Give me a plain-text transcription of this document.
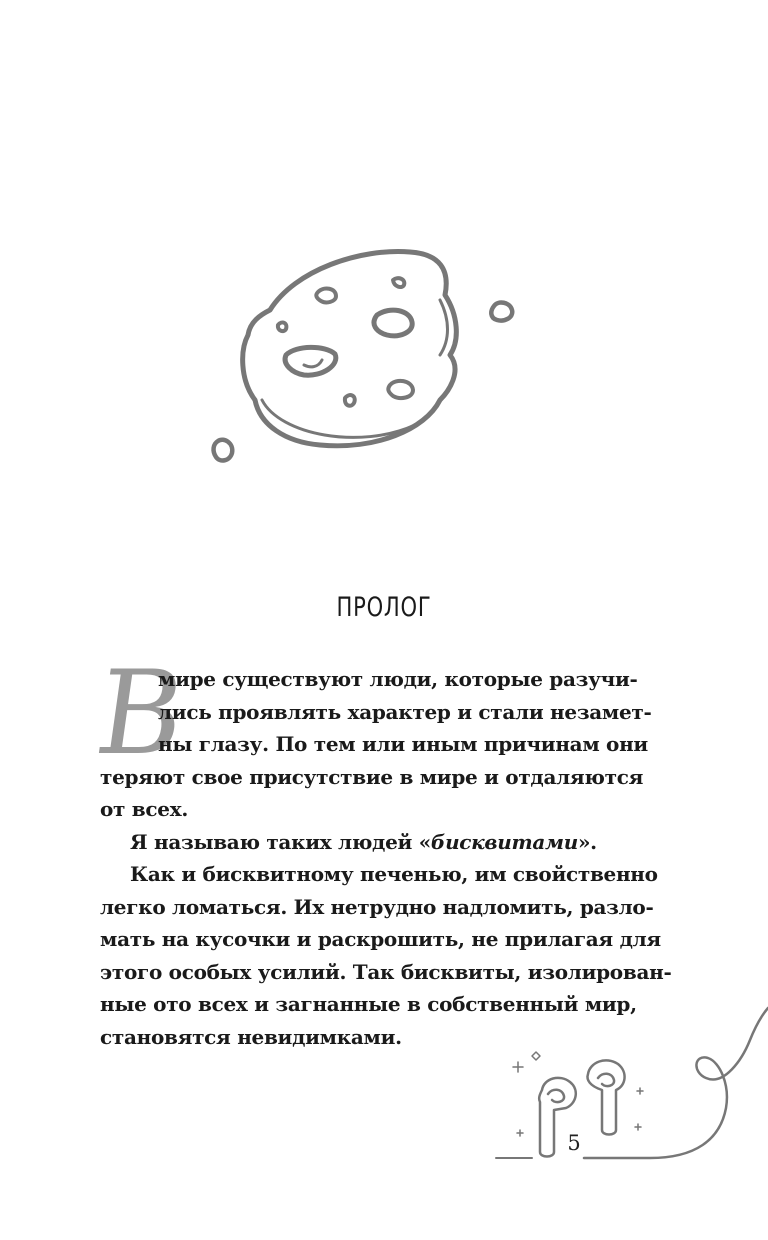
ПРОЛОГ
В
мире существуют люди, которые разучи-
лись проявлять характер и стали незамет-
ны глазу. По тем или иным причинам они
теряют свое присутствие в мире и отдаляются
от всех.
Я называю таких людей «бисквитами».
Как и бисквитному печенью, им свойственно
легко ломаться. Их нетрудно надломить, разло-
мать на кусочки и раскрошить, не прилагая для
этого особых усилий. Так бисквиты, изолирован-
ные ото всех и загнанные в собственный мир,
становятся невидимками.
5
